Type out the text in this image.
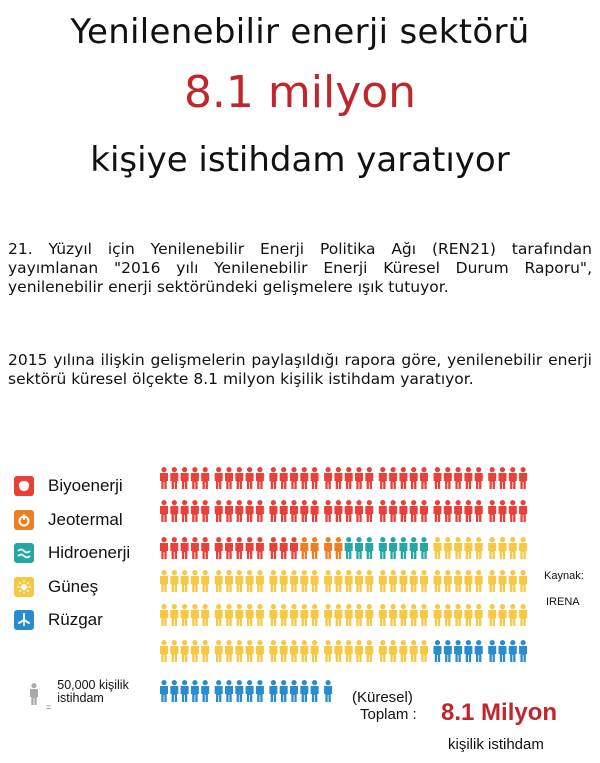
Yenilenebilir enerji sektörü
8.1 milyon
kişiye istihdam yaratıyor
21. Yüzyıl için Yenilenebilir Enerji Politika Ağı (REN21) tarafından yayımlanan "2016 yılı Yenilenebilir Enerji Küresel Durum Raporu", yenilenebilir enerji sektöründeki gelişmelere ışık tutuyor.
2015 yılına ilişkin gelişmelerin paylaşıldığı rapora göre, yenilenebilir enerji sektörü küresel ölçekte 8.1 milyon kişilik istihdam yaratıyor.
Biyoenerji
Jeotermal
Hidroenerji
Güneş
Rüzgar
$_=$50,000 kişilik istihdam
Kaynak:
IRENA
(Küresel)
Toplam : 8.1 Milyon
kişilik istihdam
